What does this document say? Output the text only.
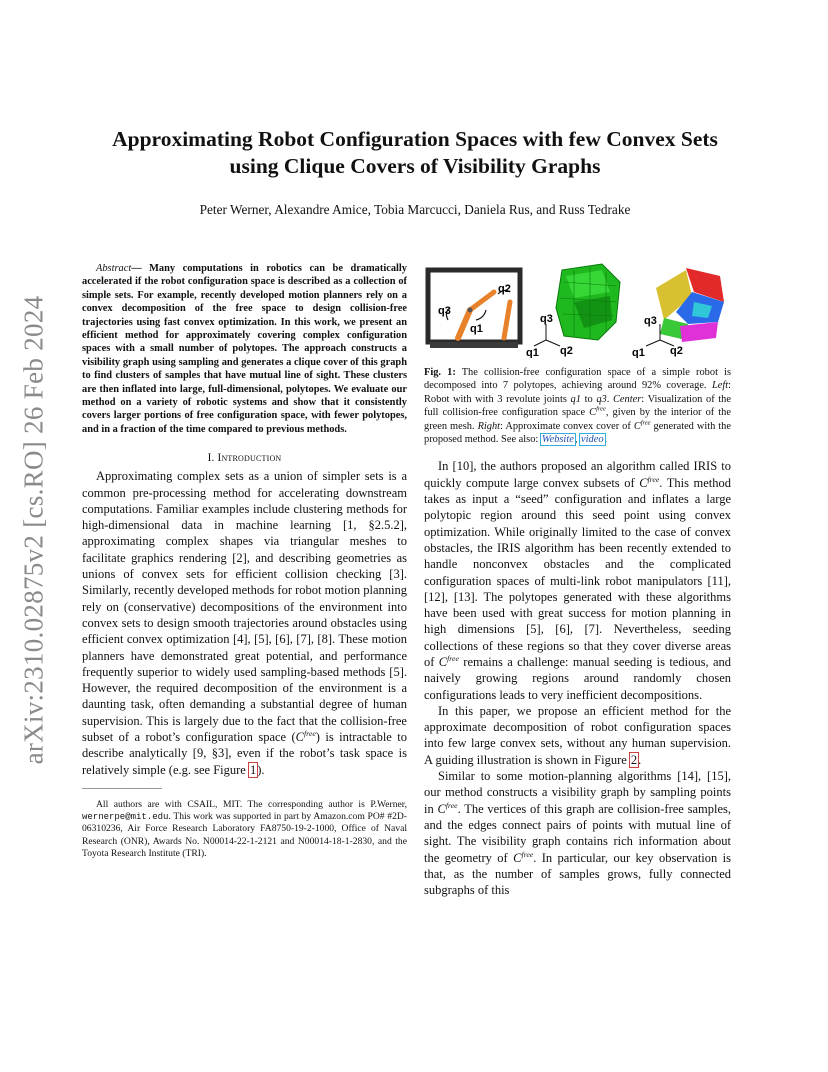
arXiv:2310.02875v2 [cs.RO] 26 Feb 2024
Approximating Robot Configuration Spaces with few Convex Sets
using Clique Covers of Visibility Graphs
Peter Werner, Alexandre Amice, Tobia Marcucci, Daniela Rus, and Russ Tedrake

Abstract— Many computations in robotics can be dramatically accelerated if the robot configuration space is described as a collection of simple sets. For example, recently developed motion planners rely on a convex decomposition of the free space to design collision-free trajectories using fast convex optimization. In this work, we present an efficient method for approximately covering complex configuration spaces with a small number of polytopes. The approach constructs a visibility graph using sampling and generates a clique cover of this graph to find clusters of samples that have mutual line of sight. These clusters are then inflated into large, full-dimensional, polytopes. We evaluate our method on a variety of robotic systems and show that it consistently covers larger portions of free configuration space, with fewer polytopes, and in a fraction of the time compared to previous methods.

I. Introduction

Approximating complex sets as a union of simpler sets is a common pre-processing method for accelerating downstream computations. Familiar examples include clustering methods for high-dimensional data in machine learning [1, §2.5.2], approximating complex shapes via triangular meshes to facilitate graphics rendering [2], and describing geometries as unions of convex sets for efficient collision checking [3]. Similarly, recently developed methods for robot motion planning rely on (conservative) decompositions of the environment into convex sets to design smooth trajectories around obstacles using efficient convex optimization [4], [5], [6], [7], [8]. These motion planners have demonstrated great potential, and performance frequently superior to widely used sampling-based methods [5]. However, the required decomposition of the environment is a daunting task, often demanding a substantial degree of human supervision. This is largely due to the fact that the collision-free subset of a robot’s configuration space $(C^{free})$ is intractable to describe analytically [9, §3], even if the robot’s task space is relatively simple (e.g. see Figure 1).

All authors are with CSAIL, MIT. The corresponding author is P.Werner, wernerpe@mit.edu. This work was supported in part by Amazon.com PO# #2D-06310236, Air Force Research Laboratory FA8750-19-2-1000, Office of Naval Research (ONR), Awards No. N00014-22-1-2121 and N00014-18-1-2830, and the Toyota Research Institute (TRI).

q3
q2
q1
q3
q1 q2
q3
q1 q2

Fig. 1: The collision-free configuration space of a simple robot is decomposed into 7 polytopes, achieving around 92% coverage. Left: Robot with with 3 revolute joints q1 to q3. Center: Visualization of the full collision-free configuration space $C^{free}$, given by the interior of the green mesh. Right: Approximate convex cover of $C^{free}$ generated with the proposed method. See also: Website, video.

In [10], the authors proposed an algorithm called IRIS to quickly compute large convex subsets of $C^{free}$. This method takes as input a “seed” configuration and inflates a large polytopic region around this seed point using convex optimization. While originally limited to the case of convex obstacles, the IRIS algorithm has been recently extended to handle nonconvex obstacles and the complicated configuration spaces of multi-link robot manipulators [11], [12], [13]. The polytopes generated with these algorithms have been used with great success for motion planning in high dimensions [5], [6], [7]. Nevertheless, seeding collections of these regions so that they cover diverse areas of $C^{free}$ remains a challenge: manual seeding is tedious, and naively growing regions around randomly chosen configurations leads to very inefficient decompositions.

In this paper, we propose an efficient method for the approximate decomposition of robot configuration spaces into few large convex sets, without any human supervision. A guiding illustration is shown in Figure 2.

Similar to some motion-planning algorithms [14], [15], our method constructs a visibility graph by sampling points in $C^{free}$. The vertices of this graph are collision-free samples, and the edges connect pairs of points with mutual line of sight. The visibility graph contains rich information about the geometry of $C^{free}$. In particular, our key observation is that, as the number of samples grows, fully connected subgraphs of this
